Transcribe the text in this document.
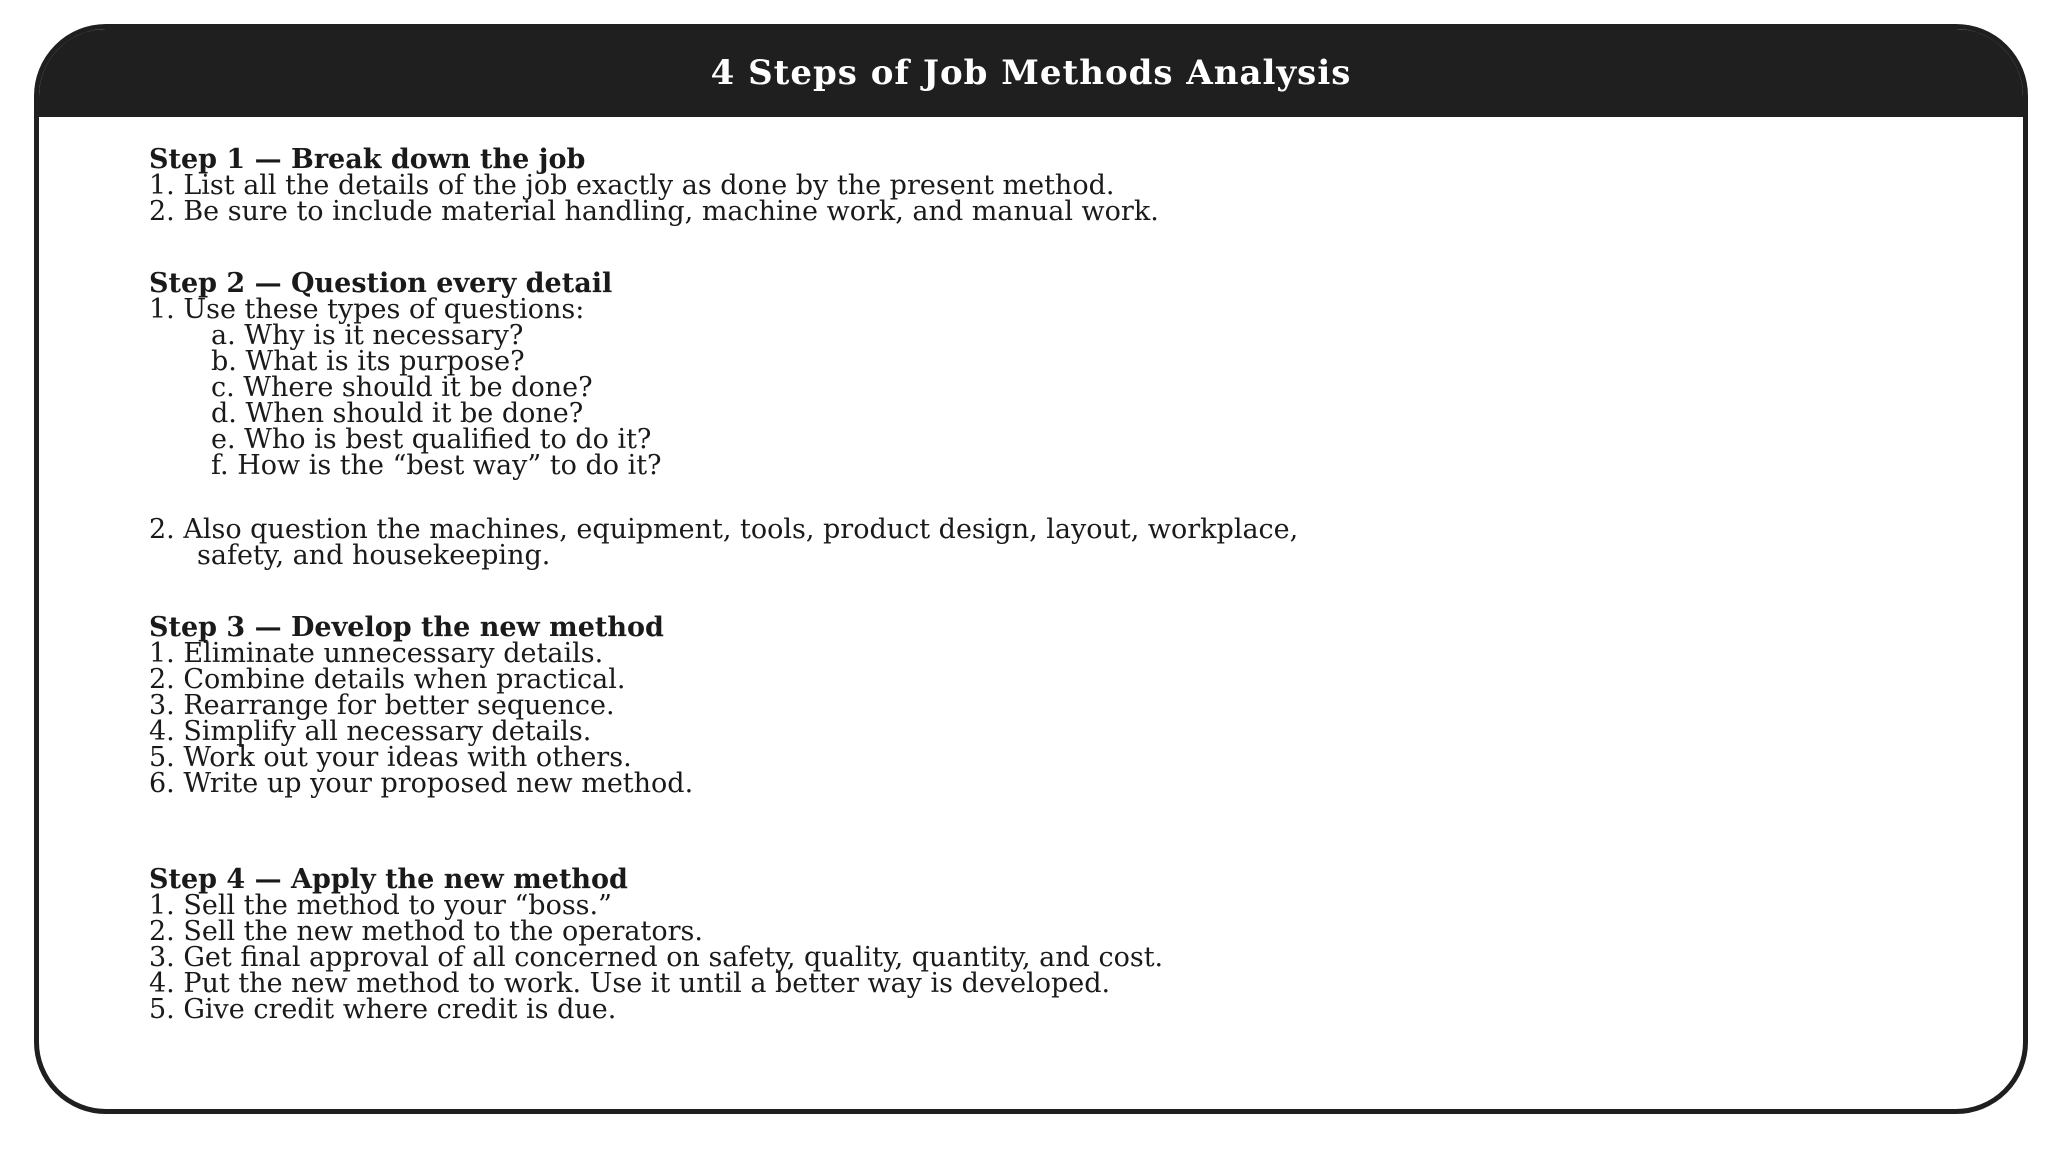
4 Steps of Job Methods Analysis
Step 1 — Break down the job
1. List all the details of the job exactly as done by the present method.
2. Be sure to include material handling, machine work, and manual work.
Step 2 — Question every detail
1. Use these types of questions:
a. Why is it necessary?
b. What is its purpose?
c. Where should it be done?
d. When should it be done?
e. Who is best qualified to do it?
f. How is the “best way” to do it?
2. Also question the machines, equipment, tools, product design, layout, workplace,
safety, and housekeeping.
Step 3 — Develop the new method
1. Eliminate unnecessary details.
2. Combine details when practical.
3. Rearrange for better sequence.
4. Simplify all necessary details.
5. Work out your ideas with others.
6. Write up your proposed new method.
Step 4 — Apply the new method
1. Sell the method to your “boss.”
2. Sell the new method to the operators.
3. Get final approval of all concerned on safety, quality, quantity, and cost.
4. Put the new method to work. Use it until a better way is developed.
5. Give credit where credit is due.
